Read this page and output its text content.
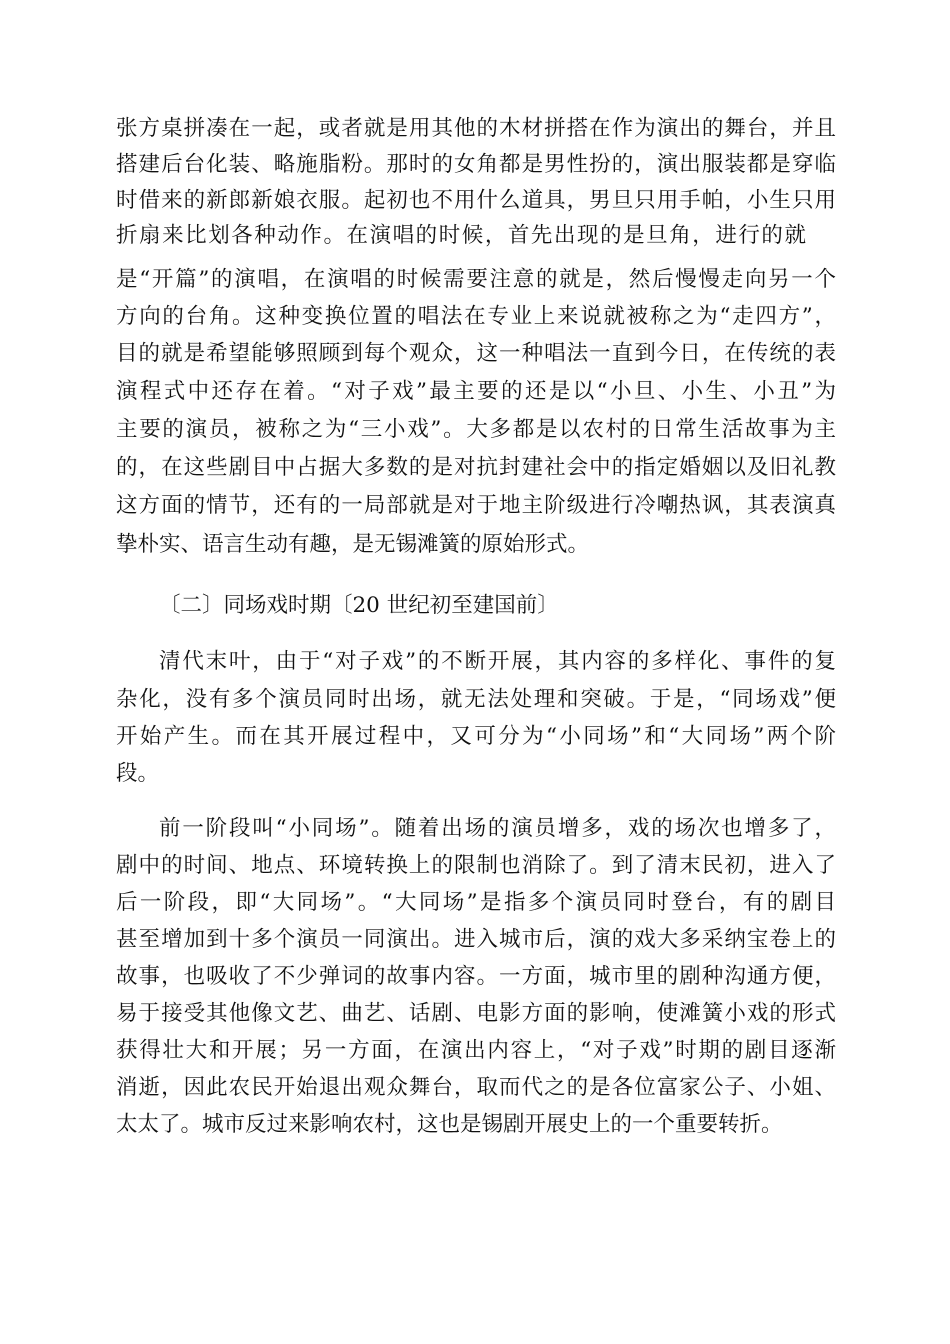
张方桌拼凑在一起，或者就是用其他的木材拼搭在作为演出的舞台，并且
搭建后台化装、略施脂粉。那时的女角都是男性扮的，演出服装都是穿临
时借来的新郎新娘衣服。起初也不用什么道具，男旦只用手帕，小生只用
折扇来比划各种动作。在演唱的时候，首先出现的是旦角，进行的就
是“开篇”的演唱，在演唱的时候需要注意的就是，然后慢慢走向另一个
方向的台角。这种变换位置的唱法在专业上来说就被称之为“走四方”，
目的就是希望能够照顾到每个观众，这一种唱法一直到今日，在传统的表
演程式中还存在着。“对子戏”最主要的还是以“小旦、小生、小丑”为
主要的演员，被称之为“三小戏”。大多都是以农村的日常生活故事为主
的，在这些剧目中占据大多数的是对抗封建社会中的指定婚姻以及旧礼教
这方面的情节，还有的一局部就是对于地主阶级进行冷嘲热讽，其表演真
挚朴实、语言生动有趣，是无锡滩簧的原始形式。
〔二〕同场戏时期〔20 世纪初至建国前〕
清代末叶，由于“对子戏”的不断开展，其内容的多样化、事件的复
杂化，没有多个演员同时出场，就无法处理和突破。于是，“同场戏”便
开始产生。而在其开展过程中，又可分为“小同场”和“大同场”两个阶
段。
前一阶段叫“小同场”。随着出场的演员增多，戏的场次也增多了，
剧中的时间、地点、环境转换上的限制也消除了。到了清末民初，进入了
后一阶段，即“大同场”。“大同场”是指多个演员同时登台，有的剧目
甚至增加到十多个演员一同演出。进入城市后，演的戏大多采纳宝卷上的
故事，也吸收了不少弹词的故事内容。一方面，城市里的剧种沟通方便，
易于接受其他像文艺、曲艺、话剧、电影方面的影响，使滩簧小戏的形式
获得壮大和开展；另一方面，在演出内容上，“对子戏”时期的剧目逐渐
消逝，因此农民开始退出观众舞台，取而代之的是各位富家公子、小姐、
太太了。城市反过来影响农村，这也是锡剧开展史上的一个重要转折。
